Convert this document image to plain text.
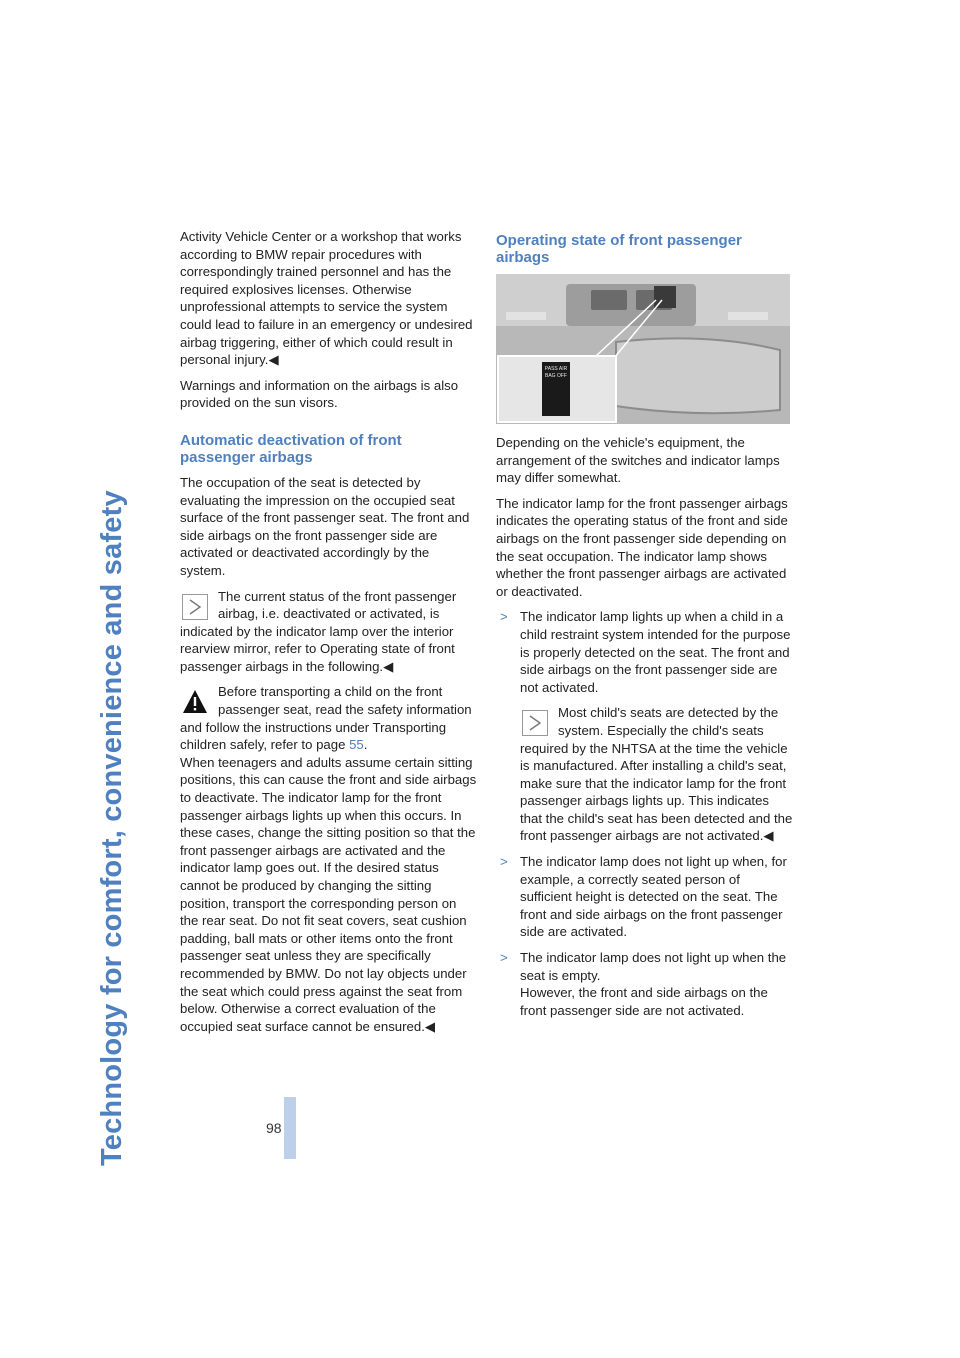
Technology for comfort, convenience and safety	98

Activity Vehicle Center or a workshop that works according to BMW repair procedures with correspondingly trained personnel and has the required explosives licenses. Otherwise unprofessional attempts to service the system could lead to failure in an emergency or undesired airbag triggering, either of which could result in personal injury.◀

Warnings and information on the airbags is also provided on the sun visors.

Automatic deactivation of front passenger airbags

The occupation of the seat is detected by evaluating the impression on the occupied seat surface of the front passenger seat. The front and side airbags on the front passenger side are activated or deactivated accordingly by the system.

The current status of the front passenger airbag, i.e. deactivated or activated, is indicated by the indicator lamp over the interior rearview mirror, refer to Operating state of front passenger airbags in the following.◀
Before transporting a child on the front passenger seat, read the safety information and follow the instructions under Transporting children safely, refer to page 55.
When teenagers and adults assume certain sitting positions, this can cause the front and side airbags to deactivate. The indicator lamp for the front passenger airbags lights up when this occurs. In these cases, change the sitting position so that the front passenger airbags are activated and the indicator lamp goes out. If the desired status cannot be produced by changing the sitting position, transport the corresponding person on the rear seat. Do not fit seat covers, seat cushion padding, ball mats or other items onto the front passenger seat unless they are specifically recommended by BMW. Do not lay objects under the seat which could press against the seat from below. Otherwise a correct evaluation of the occupied seat surface cannot be ensured.◀
Operating state of front passenger airbags
PASS AIR BAG OFF

Depending on the vehicle's equipment, the arrangement of the switches and indicator lamps may differ somewhat.

The indicator lamp for the front passenger airbags indicates the operating status of the front and side airbags on the front passenger side depending on the seat occupation. The indicator lamp shows whether the front passenger airbags are activated or deactivated.

> The indicator lamp lights up when a child in a child restraint system intended for the purpose is properly detected on the seat. The front and side airbags on the front passenger side are not activated.
Most child's seats are detected by the system. Especially the child's seats required by the NHTSA at the time the vehicle is manufactured. After installing a child's seat, make sure that the indicator lamp for the front passenger airbags lights up. This indicates that the child's seat has been detected and the front passenger airbags are not activated.◀
> The indicator lamp does not light up when, for example, a correctly seated person of sufficient height is detected on the seat. The front and side airbags on the front passenger side are activated.
> The indicator lamp does not light up when the seat is empty.
However, the front and side airbags on the front passenger side are not activated.
